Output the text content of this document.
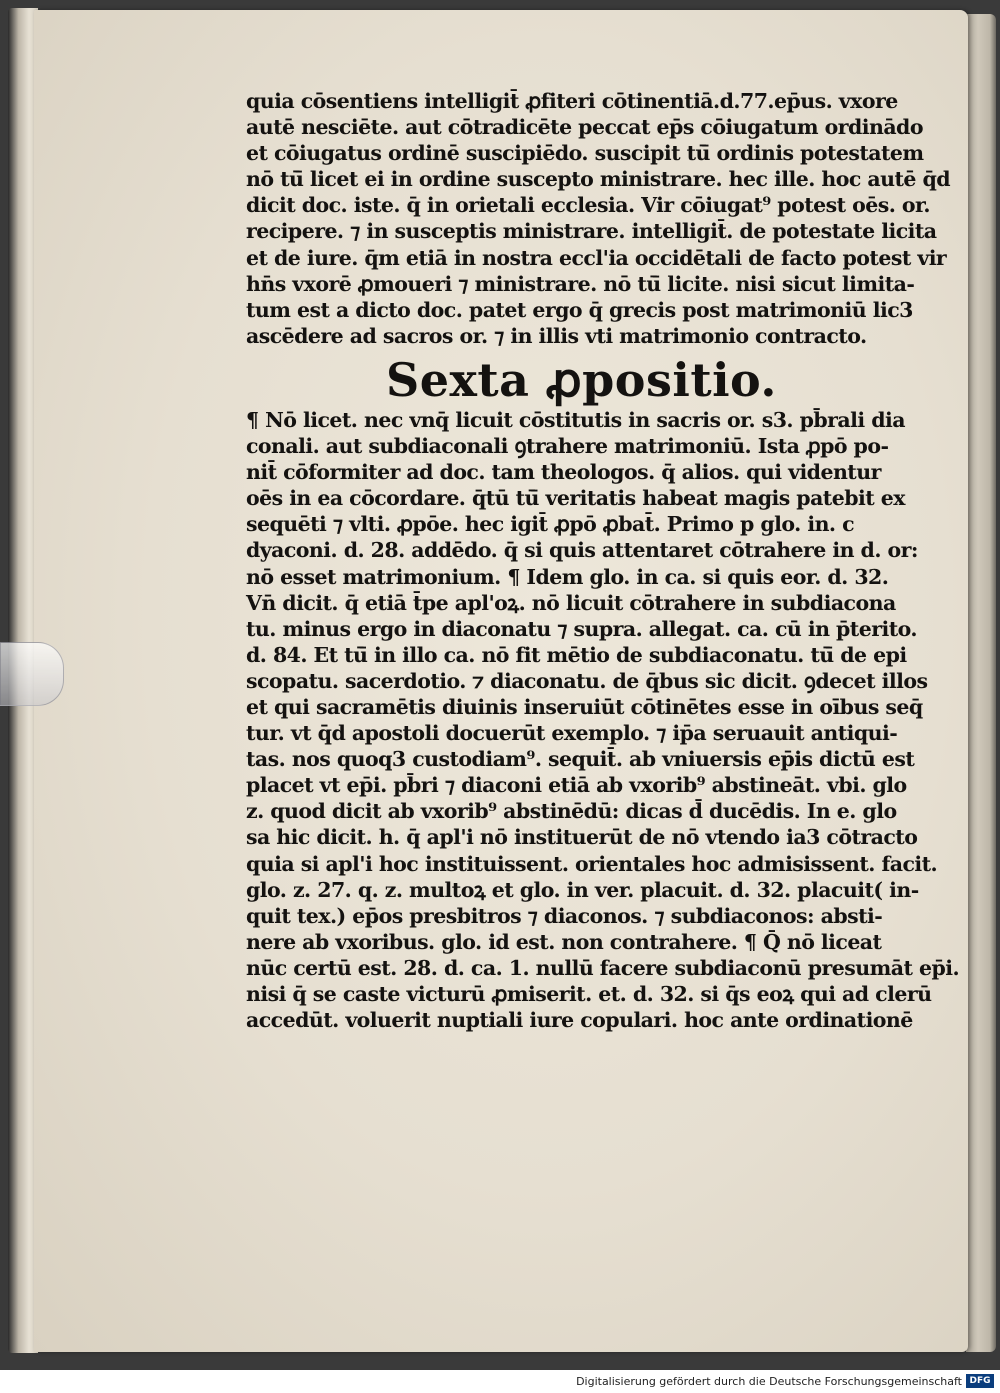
quia cōsentiens intelligit̄ ꝓfiteri cōtinentiā.d.77.ep̄us. vxore
autē nesciēte. aut cōtradicēte peccat ep̄s cōiugatum ordinādo
et cōiugatus ordinē suscipiēdo. suscipit tū̄ ordinis potestatem
nō tū̄ licet ei in ordine suscepto ministrare. hec ille. hoc autē q̄d
dicit doc. iste. q̄ in orietali ecclesia. Vir cōiugat⁹ potest oēs. or.
recipere. ⁊ in susceptis ministrare. intelligit̄. de potestate licita
et de iure. q̄m etiā in nostra eccl'ia occidētali de facto potest vir
hn̄s vxorē ꝓmoueri ⁊ ministrare. nō tū̄ licite. nisi sicut limita-
tum est a dicto doc. patet ergo q̄ grecis post matrimoniū lic3
ascēdere ad sacros or. ⁊ in illis vti matrimonio contracto.
Sexta ꝓpositio.
¶ Nō licet. nec vnq̄ licuit cōstitutis in sacris or. s3. pb̄rali dia
conali. aut subdiaconali ꝯtrahere matrimoniū. Ista ꝓpō po-
nit̄ cōformiter ad doc. tam theologos. q̄ alios. qui videntur
oēs in ea cōcordare. q̄tū tū̄ veritatis habeat magis patebit ex
sequēti ⁊ vlti. ꝓpōe. hec igit̄ ꝓpō ꝓbat̄. Primo p glo. in. c
dyaconi. d. 28. addēdo. q̄ si quis attentaret cōtrahere in d. or:
nō esset matrimonium. ¶ Idem glo. in ca. si quis eor. d. 32.
Vn̄ dicit. q̄ etiā t̄pe apl'oꝝ. nō licuit cōtrahere in subdiacona
tu. minus ergo in diaconatu ⁊ supra. allegat. ca. cū in p̄terito.
d. 84. Et tū̄ in illo ca. nō fit mētio de subdiaconatu. tū̄ de epi
scopatu. sacerdotio. ⁊ diaconatu. de q̄bus sic dicit. ꝯdecet illos
et qui sacramētis diuinis inseruiūt cōtinētes esse in oībus seq̄
tur. vt q̄d apostoli docuerūt exemplo. ⁊ ip̄a seruauit antiqui-
tas. nos quoq3 custodiam⁹. sequit̄. ab vniuersis ep̄is dictū est
placet vt ep̄i. pb̄ri ⁊ diaconi etiā ab vxorib⁹ abstineāt. vbi. glo
z. quod dicit ab vxorib⁹ abstinēdū: dicas d̄ ducēdis. In e. glo
sa hic dicit. h. q̄ apl'i nō instituerūt de nō vtendo ia3 cōtracto
quia si apl'i hoc instituissent. orientales hoc admisissent. facit.
glo. z. 27. q. z. multoꝝ et glo. in ver. placuit. d. 32. placuit( in-
quit tex.) ep̄os presbitros ⁊ diaconos. ⁊ subdiaconos: absti-
nere ab vxoribus. glo. id est. non contrahere. ¶ Q̄ nō liceat
nūc certū est. 28. d. ca. 1. nullū facere subdiaconū presumāt ep̄i.
nisi q̄ se caste victurū ꝓmiserit. et. d. 32. si q̄s eoꝝ qui ad clerū
accedūt. voluerit nuptiali iure copulari. hoc ante ordinationē
Digitalisierung gefördert durch die Deutsche Forschungsgemeinschaft DFG
